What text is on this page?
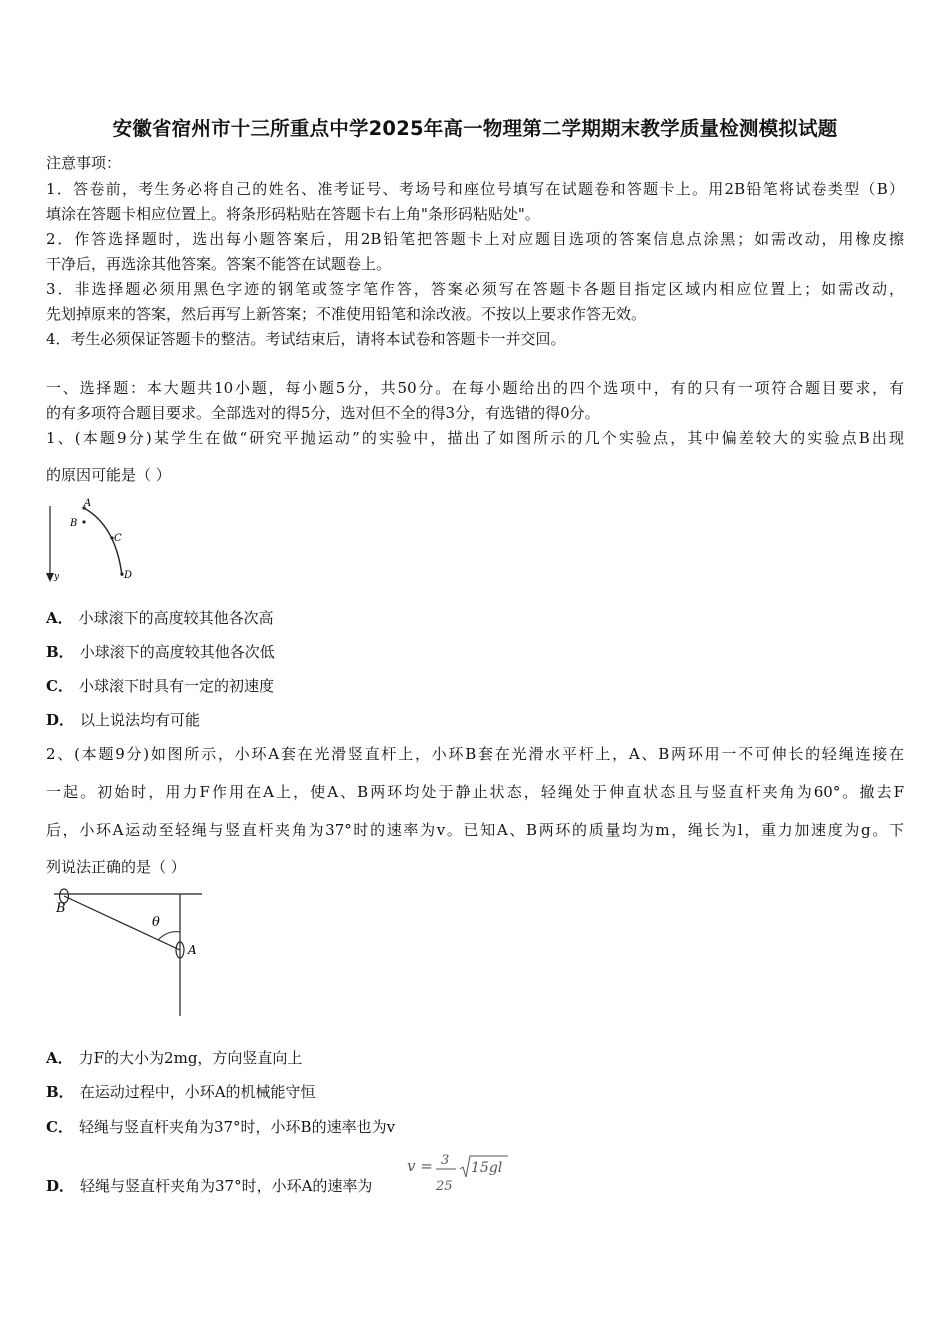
安徽省宿州市十三所重点中学2025年高一物理第二学期期末教学质量检测模拟试题
注意事项：
1．答卷前，考生务必将自己的姓名、准考证号、考场号和座位号填写在试题卷和答题卡上。用2B铅笔将试卷类型（B）
填涂在答题卡相应位置上。将条形码粘贴在答题卡右上角"条形码粘贴处"。
2．作答选择题时，选出每小题答案后，用2B铅笔把答题卡上对应题目选项的答案信息点涂黑；如需改动，用橡皮擦
干净后，再选涂其他答案。答案不能答在试题卷上。
3．非选择题必须用黑色字迹的钢笔或签字笔作答，答案必须写在答题卡各题目指定区域内相应位置上；如需改动，
先划掉原来的答案，然后再写上新答案；不准使用铅笔和涂改液。不按以上要求作答无效。
4．考生必须保证答题卡的整洁。考试结束后，请将本试卷和答题卡一并交回。
一、选择题：本大题共10小题，每小题5分，共50分。在每小题给出的四个选项中，有的只有一项符合题目要求，有
的有多项符合题目要求。全部选对的得5分，选对但不全的得3分，有选错的得0分。
1、(本题9分)某学生在做“研究平抛运动”的实验中，描出了如图所示的几个实验点，其中偏差较大的实验点B出现
的原因可能是（ ）
A
B
C
D
y
A． 小球滚下的高度较其他各次高
B． 小球滚下的高度较其他各次低
C． 小球滚下时具有一定的初速度
D． 以上说法均有可能
2、(本题9分)如图所示，小环A套在光滑竖直杆上，小环B套在光滑水平杆上，A、B两环用一不可伸长的轻绳连接在
一起。初始时，用力F作用在A上，使A、B两环均处于静止状态，轻绳处于伸直状态且与竖直杆夹角为60°。撤去F
后，小环A运动至轻绳与竖直杆夹角为37°时的速率为v。已知A、B两环的质量均为m，绳长为l，重力加速度为g。下
列说法正确的是（ ）
B
θ
A
A． 力F的大小为2mg，方向竖直向上
B． 在运动过程中，小环A的机械能守恒
C． 轻绳与竖直杆夹角为37°时，小环B的速率也为v
D． 轻绳与竖直杆夹角为37°时，小环A的速率为
v = 3
25
15gl
